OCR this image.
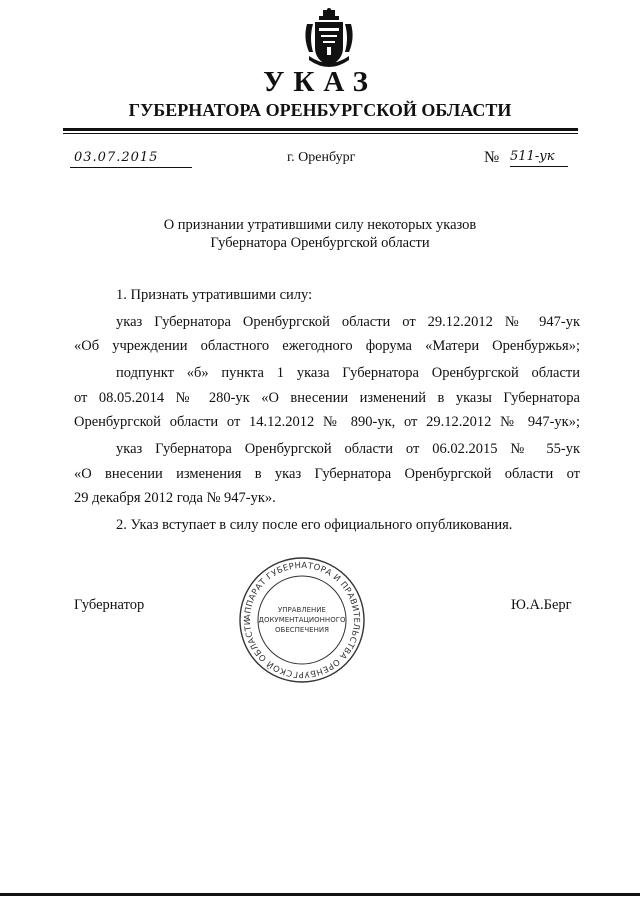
УКАЗ
ГУБЕРНАТОРА ОРЕНБУРГСКОЙ ОБЛАСТИ
03.07.2015	г. Оренбург	№ 511-ук
О признании утратившими силу некоторых указов
Губернатора Оренбургской области
1. Признать утратившими силу:
указ Губернатора Оренбургской области от 29.12.2012 № 947-ук
«Об учреждении областного ежегодного форума «Матери Оренбуржья»;
подпункт «б» пункта 1 указа Губернатора Оренбургской области
от 08.05.2014 № 280-ук «О внесении изменений в указы Губернатора
Оренбургской области от 14.12.2012 № 890-ук, от 29.12.2012 № 947-ук»;
указ Губернатора Оренбургской области от 06.02.2015 № 55-ук
«О внесении изменения в указ Губернатора Оренбургской области от
29 декабря 2012 года № 947-ук».
2. Указ вступает в силу после его официального опубликования.
Губернатор	Ю.А.Берг
АППАРАТ ГУБЕРНАТОРА И ПРАВИТЕЛЬСТВА ОРЕНБУРГСКОЙ ОБЛАСТИ
УПРАВЛЕНИЕ
ДОКУМЕНТАЦИОННОГО
ОБЕСПЕЧЕНИЯ
